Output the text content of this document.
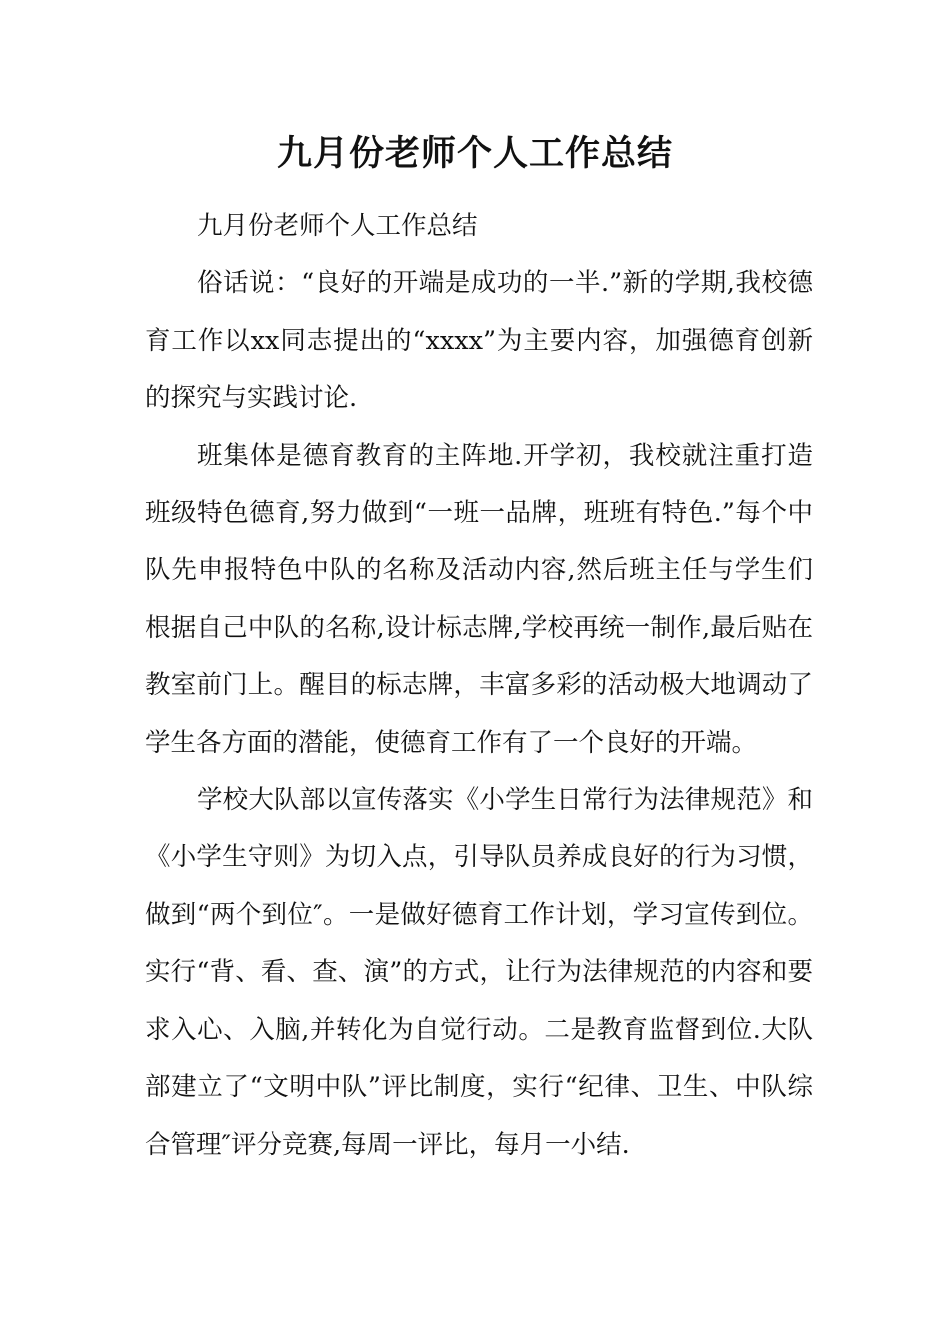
九月份老师个人工作总结

九月份老师个人工作总结

俗话说：“良好的开端是成功的一半.”新的学期,我校德育工作以xx同志提出的“xxxx”为主要内容，加强德育创新的探究与实践讨论.

班集体是德育教育的主阵地.开学初，我校就注重打造班级特色德育,努力做到“一班一品牌，班班有特色.”每个中队先申报特色中队的名称及活动内容,然后班主任与学生们根据自己中队的名称,设计标志牌,学校再统一制作,最后贴在教室前门上。醒目的标志牌，丰富多彩的活动极大地调动了学生各方面的潜能，使德育工作有了一个良好的开端。

学校大队部以宣传落实《小学生日常行为法律规范》和《小学生守则》为切入点，引导队员养成良好的行为习惯，做到“两个到位″。一是做好德育工作计划，学习宣传到位。实行“背、看、查、演”的方式，让行为法律规范的内容和要求入心、入脑,并转化为自觉行动。二是教育监督到位.大队部建立了“文明中队”评比制度，实行“纪律、卫生、中队综合管理″评分竞赛,每周一评比，每月一小结.
